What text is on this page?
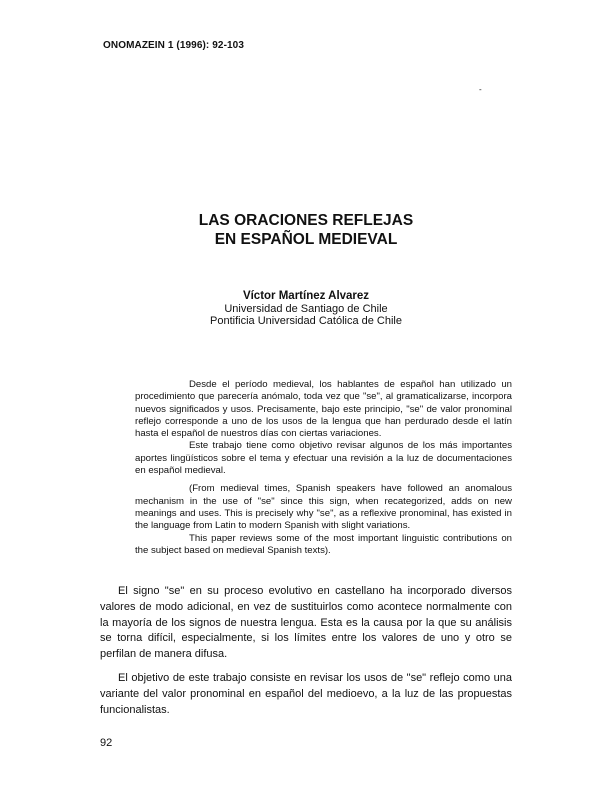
ONOMAZEIN 1 (1996): 92-103
-
LAS ORACIONES REFLEJAS
EN ESPAÑOL MEDIEVAL
Víctor Martínez Alvarez
Universidad de Santiago de Chile
Pontificia Universidad Católica de Chile

Desde el período medieval, los hablantes de español han utilizado un procedimiento que parecería anómalo, toda vez que "se", al gramaticalizarse, incorpora nuevos significados y usos. Precisamente, bajo este principio, "se" de valor pronominal reflejo corresponde a uno de los usos de la lengua que han perdurado desde el latín hasta el español de nuestros días con ciertas variaciones.

Este trabajo tiene como objetivo revisar algunos de los más importantes aportes lingüísticos sobre el tema y efectuar una revisión a la luz de documentaciones en español medieval.

(From medieval times, Spanish speakers have followed an anomalous mechanism in the use of "se" since this sign, when recategorized, adds on new meanings and uses. This is precisely why "se", as a reflexive pronominal, has existed in the language from Latin to modern Spanish with slight variations.

This paper reviews some of the most important linguistic contributions on the subject based on medieval Spanish texts).

El signo "se" en su proceso evolutivo en castellano ha incorporado diversos valores de modo adicional, en vez de sustituirlos como acontece normalmente con la mayoría de los signos de nuestra lengua. Esta es la causa por la que su análisis se torna difícil, especialmente, si los límites entre los valores de uno y otro se perfilan de manera difusa.

El objetivo de este trabajo consiste en revisar los usos de "se" reflejo como una variante del valor pronominal en español del medioevo, a la luz de las propuestas funcionalistas.

92
